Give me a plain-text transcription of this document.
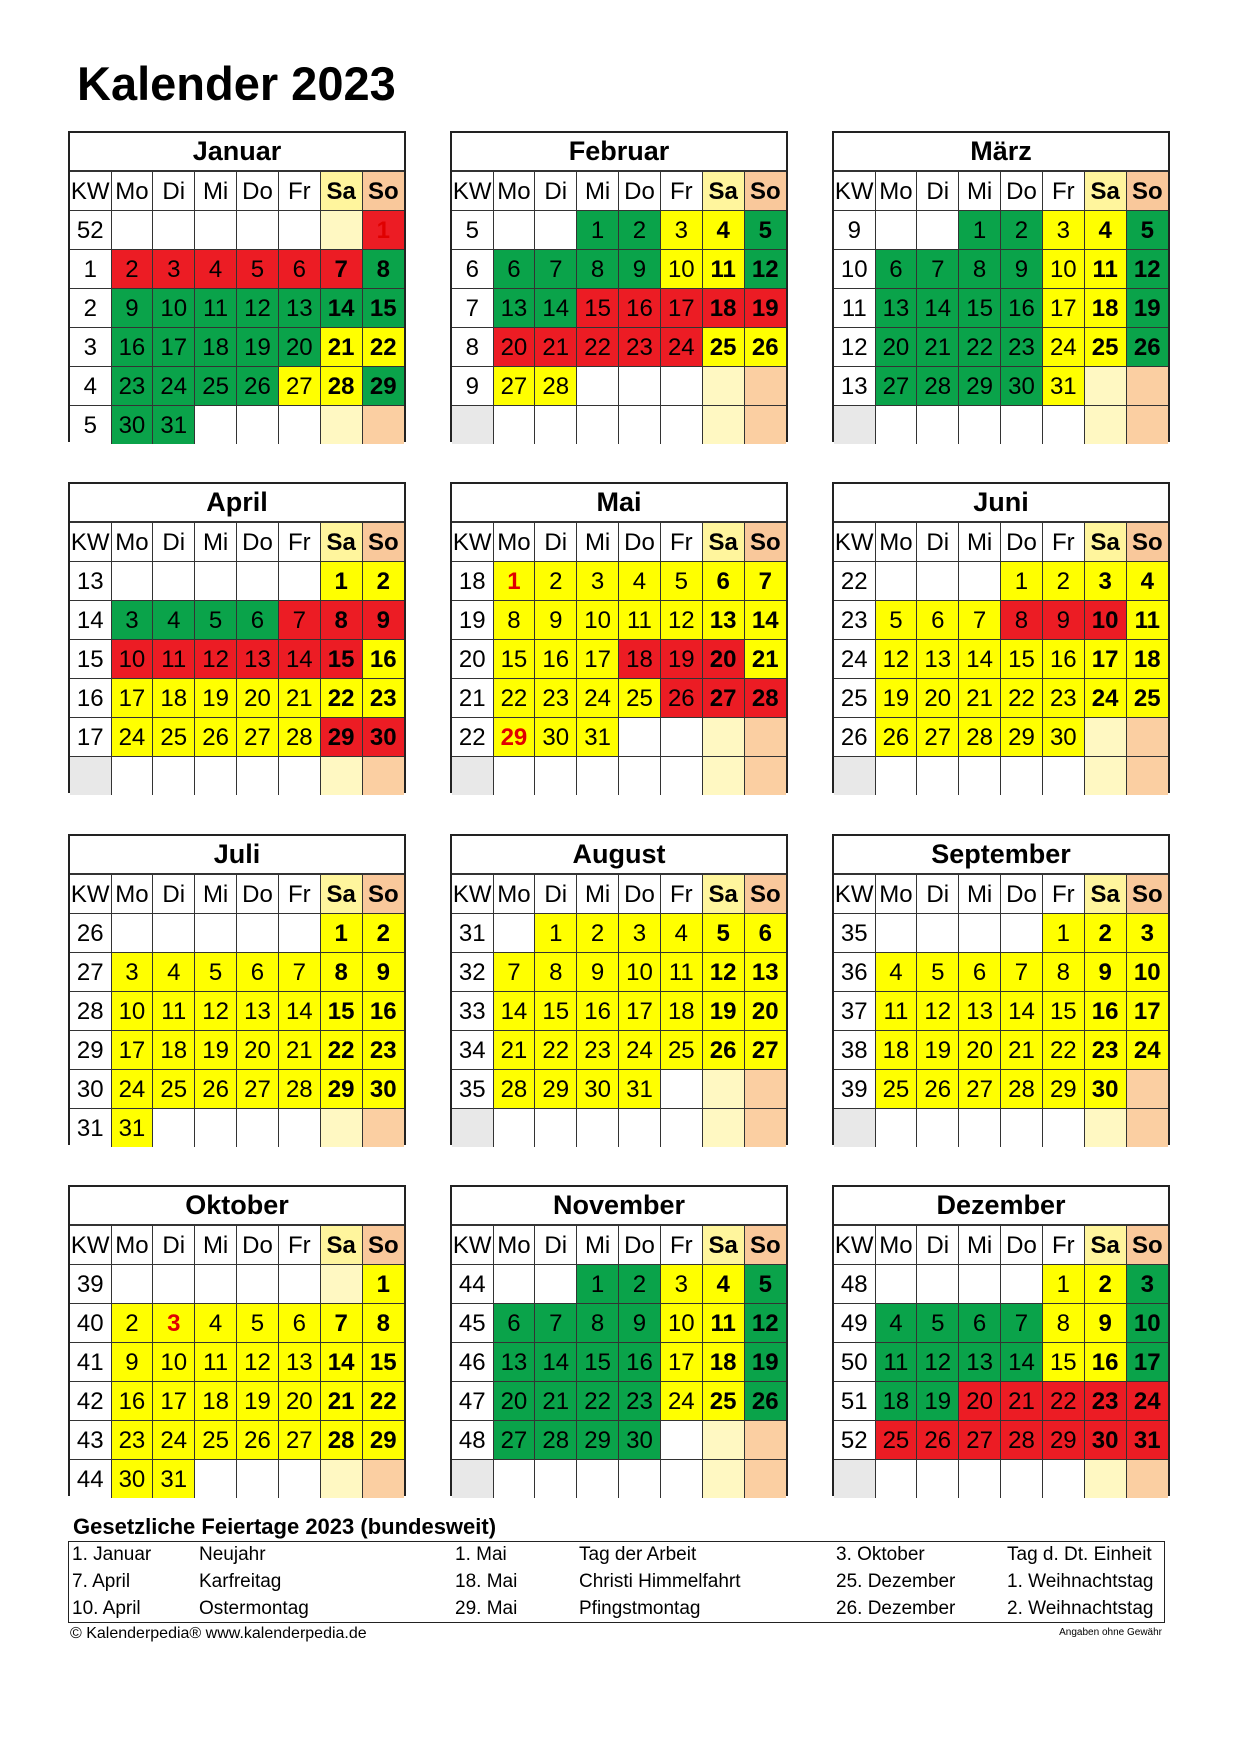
Kalender 2023
Januar
KW	Mo	Di	Mi	Do	Fr	Sa	So
52							1
1	2	3	4	5	6	7	8
2	9	10	11	12	13	14	15
3	16	17	18	19	20	21	22
4	23	24	25	26	27	28	29
5	30	31					
Februar
KW	Mo	Di	Mi	Do	Fr	Sa	So
5			1	2	3	4	5
6	6	7	8	9	10	11	12
7	13	14	15	16	17	18	19
8	20	21	22	23	24	25	26
9	27	28					

März
KW	Mo	Di	Mi	Do	Fr	Sa	So
9			1	2	3	4	5
10	6	7	8	9	10	11	12
11	13	14	15	16	17	18	19
12	20	21	22	23	24	25	26
13	27	28	29	30	31		

April
KW	Mo	Di	Mi	Do	Fr	Sa	So
13						1	2
14	3	4	5	6	7	8	9
15	10	11	12	13	14	15	16
16	17	18	19	20	21	22	23
17	24	25	26	27	28	29	30

Mai
KW	Mo	Di	Mi	Do	Fr	Sa	So
18	1	2	3	4	5	6	7
19	8	9	10	11	12	13	14
20	15	16	17	18	19	20	21
21	22	23	24	25	26	27	28
22	29	30	31				

Juni
KW	Mo	Di	Mi	Do	Fr	Sa	So
22				1	2	3	4
23	5	6	7	8	9	10	11
24	12	13	14	15	16	17	18
25	19	20	21	22	23	24	25
26	26	27	28	29	30		

Juli
KW	Mo	Di	Mi	Do	Fr	Sa	So
26						1	2
27	3	4	5	6	7	8	9
28	10	11	12	13	14	15	16
29	17	18	19	20	21	22	23
30	24	25	26	27	28	29	30
31	31						
August
KW	Mo	Di	Mi	Do	Fr	Sa	So
31		1	2	3	4	5	6
32	7	8	9	10	11	12	13
33	14	15	16	17	18	19	20
34	21	22	23	24	25	26	27
35	28	29	30	31			

September
KW	Mo	Di	Mi	Do	Fr	Sa	So
35					1	2	3
36	4	5	6	7	8	9	10
37	11	12	13	14	15	16	17
38	18	19	20	21	22	23	24
39	25	26	27	28	29	30	

Oktober
KW	Mo	Di	Mi	Do	Fr	Sa	So
39							1
40	2	3	4	5	6	7	8
41	9	10	11	12	13	14	15
42	16	17	18	19	20	21	22
43	23	24	25	26	27	28	29
44	30	31					
November
KW	Mo	Di	Mi	Do	Fr	Sa	So
44			1	2	3	4	5
45	6	7	8	9	10	11	12
46	13	14	15	16	17	18	19
47	20	21	22	23	24	25	26
48	27	28	29	30			

Dezember
KW	Mo	Di	Mi	Do	Fr	Sa	So
48					1	2	3
49	4	5	6	7	8	9	10
50	11	12	13	14	15	16	17
51	18	19	20	21	22	23	24
52	25	26	27	28	29	30	31

Gesetzliche Feiertage 2023 (bundesweit)
1. Januar	Neujahr	1. Mai	Tag der Arbeit	3. Oktober	Tag d. Dt. Einheit
7. April	Karfreitag	18. Mai	Christi Himmelfahrt	25. Dezember	1. Weihnachtstag
10. April	Ostermontag	29. Mai	Pfingstmontag	26. Dezember	2. Weihnachtstag
© Kalenderpedia® www.kalenderpedia.de	Angaben ohne Gewähr
